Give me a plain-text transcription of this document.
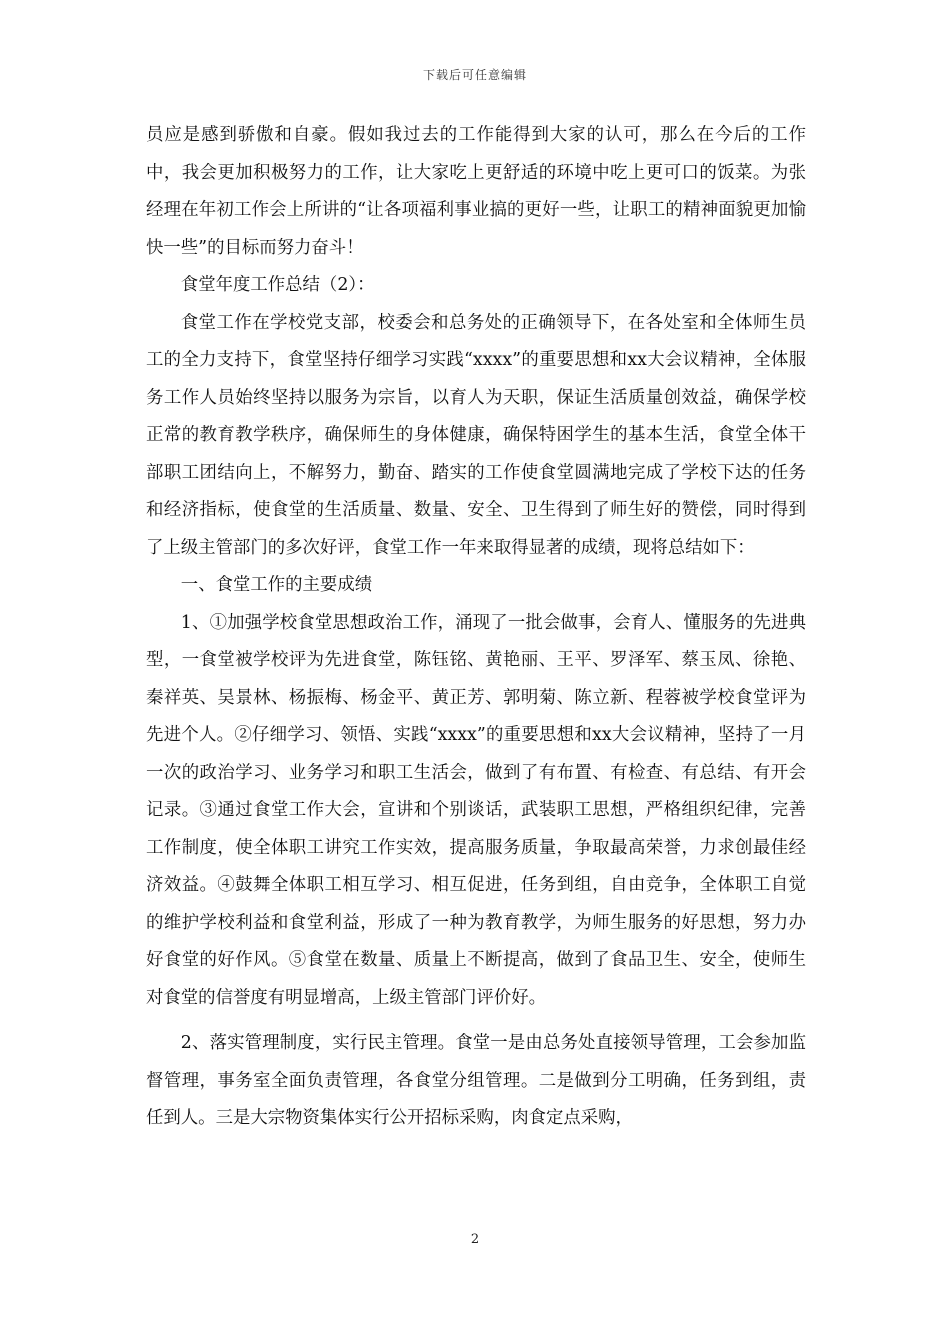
下载后可任意编辑

员应是感到骄傲和自豪。假如我过去的工作能得到大家的认可，那么在今后的工作中，我会更加积极努力的工作，让大家吃上更舒适的环境中吃上更可口的饭菜。为张经理在年初工作会上所讲的“让各项福利事业搞的更好一些，让职工的精神面貌更加愉快一些”的目标而努力奋斗！

食堂年度工作总结（2）：

食堂工作在学校党支部，校委会和总务处的正确领导下，在各处室和全体师生员工的全力支持下，食堂坚持仔细学习实践“xxxx”的重要思想和xx大会议精神，全体服务工作人员始终坚持以服务为宗旨，以育人为天职，保证生活质量创效益，确保学校正常的教育教学秩序，确保师生的身体健康，确保特困学生的基本生活，食堂全体干部职工团结向上，不解努力，勤奋、踏实的工作使食堂圆满地完成了学校下达的任务和经济指标，使食堂的生活质量、数量、安全、卫生得到了师生好的赞偿，同时得到了上级主管部门的多次好评，食堂工作一年来取得显著的成绩，现将总结如下：

一、食堂工作的主要成绩

1、①加强学校食堂思想政治工作，涌现了一批会做事，会育人、懂服务的先进典型，一食堂被学校评为先进食堂，陈钰铭、黄艳丽、王平、罗泽军、蔡玉凤、徐艳、秦祥英、吴景林、杨振梅、杨金平、黄正芳、郭明菊、陈立新、程蓉被学校食堂评为先进个人。②仔细学习、领悟、实践“xxxx”的重要思想和xx大会议精神，坚持了一月一次的政治学习、业务学习和职工生活会，做到了有布置、有检查、有总结、有开会记录。③通过食堂工作大会，宣讲和个别谈话，武装职工思想，严格组织纪律，完善工作制度，使全体职工讲究工作实效，提高服务质量，争取最高荣誉，力求创最佳经济效益。④鼓舞全体职工相互学习、相互促进，任务到组，自由竞争，全体职工自觉的维护学校利益和食堂利益，形成了一种为教育教学，为师生服务的好思想，努力办好食堂的好作风。⑤食堂在数量、质量上不断提高，做到了食品卫生、安全，使师生对食堂的信誉度有明显增高，上级主管部门评价好。

2、落实管理制度，实行民主管理。食堂一是由总务处直接领导管理，工会参加监督管理，事务室全面负责管理，各食堂分组管理。二是做到分工明确，任务到组，责任到人。三是大宗物资集体实行公开招标采购，肉食定点采购，

2
